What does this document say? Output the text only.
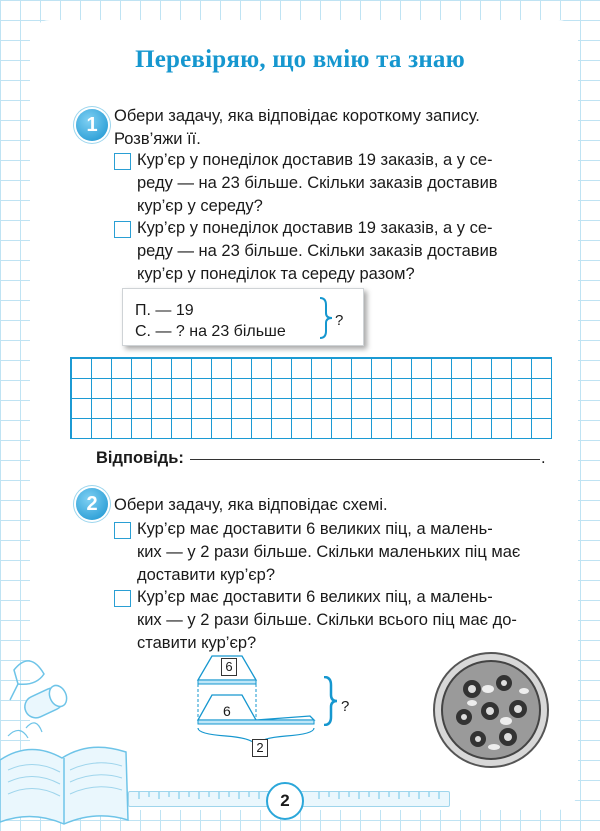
Перевіряю, що вмію та знаю
1 Обери задачу, яка відповідає короткому запису.
Розв’яжи її.
Кур’єр у понеділок доставив 19 заказів, а у се-
реду — на 23 більше. Скільки заказів доставив
кур’єр у середу?
Кур’єр у понеділок доставив 19 заказів, а у се-
реду — на 23 більше. Скільки заказів доставив
кур’єр у понеділок та середу разом?
П. — 19
С. — ? на 23 більше
?
Відповідь:	.
2 Обери задачу, яка відповідає схемі.
Кур’єр має доставити 6 великих піц, а малень-
ких — у 2 рази більше. Скільки маленьких піц має
доставити кур’єр?
Кур’єр має доставити 6 великих піц, а малень-
ких — у 2 рази більше. Скільки всього піц має до-
ставити кур’єр?
6
6
2
?
2
